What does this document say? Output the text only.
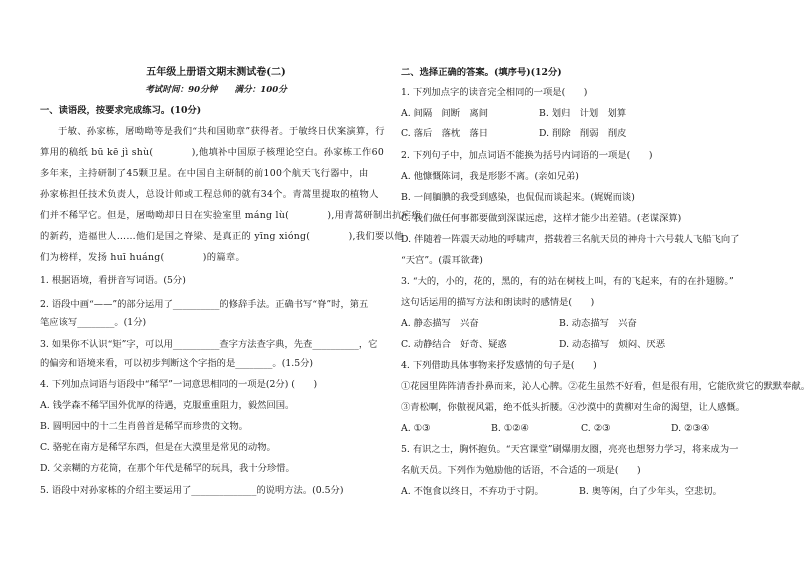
五年级上册语文期末测试卷(二)
考试时间：90分钟　　满分：100分
一、读语段，按要求完成练习。(10分)
于敏、孙家栋，屠呦呦等是我们“共和国勋章”获得者。于敏终日伏案演算，行
算用的稿纸 bū kē jì shù(　　　　),他填补中国原子核理论空白。孙家栋工作60
多年来，主持研制了45颗卫星。在中国自主研制的前100个航天飞行器中，由
孙家栋担任技术负责人，总设计师或工程总师的就有34个。青蒿里提取的植物人
们并不稀罕它。但是，屠呦呦却日日在实验室里 máng lù(　　　　),用青蒿研制出抗疟疾
的新药，造福世人……他们是国之脊梁、是真正的 yīng xióng(　　　　),我们要以他
们为榜样，发扬 huī huáng(　　　　)的篇章。
1. 根据语境，看拼音写词语。(5分)
2. 语段中画“——”的部分运用了__________的修辞手法。正确书写“脊”时，第五
笔应该写________。(1分)
3. 如果你不认识“矩”字，可以用__________查字方法查字典，先查__________，它
的偏旁和语境来看，可以初步判断这个字指的是________。(1.5分)
4. 下列加点词语与语段中“稀罕”一词意思相同的一项是(2分) (　　)
A. 钱学森不稀罕国外优厚的待遇，克服重重阻力，毅然回国。
B. 圆明园中的十二生肖兽首是稀罕而珍贵的文物。
C. 骆驼在南方是稀罕东西，但是在大漠里是常见的动物。
D. 父亲糊的方花筒，在那个年代是稀罕的玩具，我十分珍惜。
5. 语段中对孙家栋的介绍主要运用了______________的说明方法。(0.5分)
二、选择正确的答案。(填序号)(12分)
1. 下列加点字的读音完全相同的一项是(　　)
A. 间隔　间断　离间	B. 划归　计划　划算
C. 落后　落枕　落日	D. 削除　削弱　削皮
2. 下列句子中，加点词语不能换为括号内词语的一项是(　　)
A. 他慷慨陈词，我是形影不离。(亲如兄弟)
B. 一间腼腆的我受到感染，也侃侃而谈起来。(娓娓而谈)
C. 我们做任何事都要做到深谋远虑，这样才能少出差错。(老谋深算)
D. 伴随着一阵震天动地的呼啸声，搭载着三名航天员的神舟十六号载人飞船飞向了
“天宫”。(震耳欲聋)
3. “大的，小的，花的，黑的，有的站在树枝上叫，有的飞起来，有的在扑翅膀。”
这句话运用的描写方法和朗读时的感情是(　　)
A. 静态描写　兴奋	B. 动态描写　兴奋
C. 动静结合　好奇、疑惑	D. 动态描写　烦闷、厌恶
4. 下列借助具体事物来抒发感情的句子是(　　)
①花园里阵阵清香扑鼻而来，沁人心脾。②花生虽然不好看，但是很有用，它能欣赏它的默默奉献。
③青松啊，你傲视风霜，绝不低头折腰。④沙漠中的黄柳对生命的渴望，让人感慨。
A. ①③	B. ①②④	C. ②③	D. ②③④
5. 有识之士，胸怀抱负。“天宫课堂”刷爆朋友圈，亮亮也想努力学习，将来成为一
名航天员。下列作为勉励他的话语，不合适的一项是(　　)
A. 不饱食以终日，不弃功于寸阴。	B. 奥等闲，白了少年头，空悲切。
